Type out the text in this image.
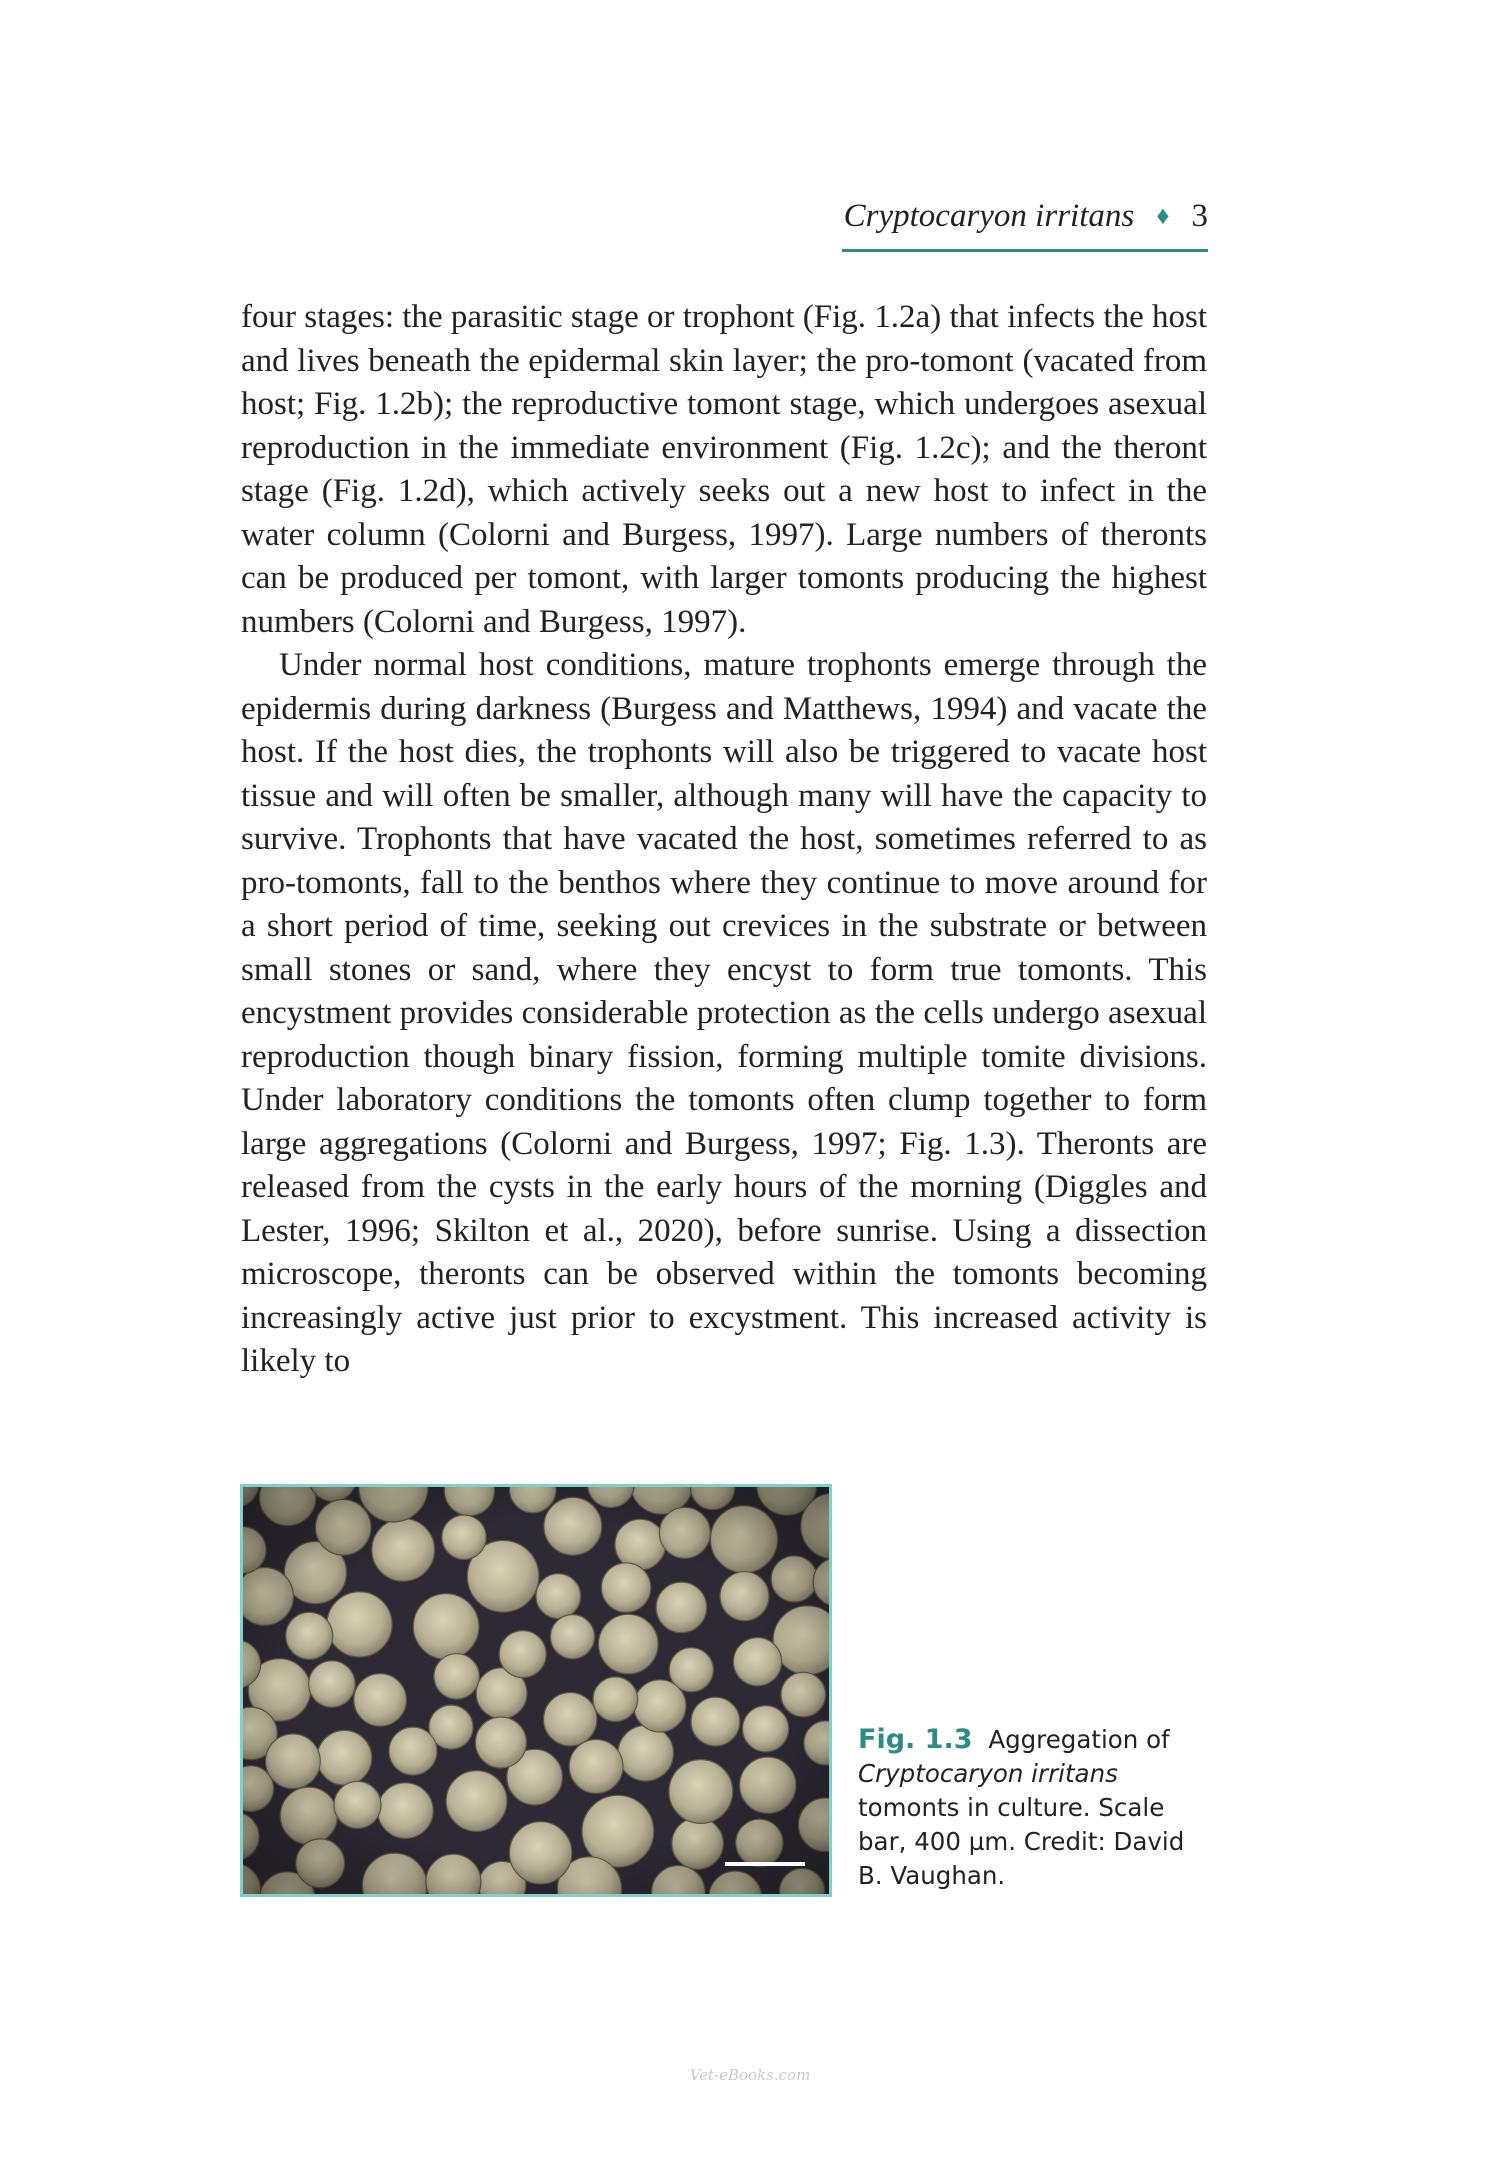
Cryptocaryon irritans ♦ 3

four stages: the parasitic stage or trophont (Fig. 1.2a) that infects the host and lives beneath the epidermal skin layer; the pro-tomont (vacated from host; Fig. 1.2b); the reproductive tomont stage, which undergoes asexual reproduction in the immediate environment (Fig. 1.2c); and the theront stage (Fig. 1.2d), which actively seeks out a new host to infect in the water column (Colorni and Burgess, 1997). Large numbers of theronts can be produced per tomont, with larger tomonts producing the highest numbers (Colorni and Burgess, 1997).

Under normal host conditions, mature trophonts emerge through the epidermis during darkness (Burgess and Matthews, 1994) and vacate the host. If the host dies, the trophonts will also be triggered to vacate host tissue and will often be smaller, although many will have the capacity to survive. Trophonts that have vacated the host, sometimes referred to as pro-tomonts, fall to the benthos where they continue to move around for a short period of time, seeking out crevices in the substrate or between small stones or sand, where they encyst to form true tomonts. This encystment provides considerable protection as the cells undergo asexual reproduction though binary fission, forming multiple tomite divisions. Under laboratory conditions the tomonts often clump together to form large aggregations (Colorni and Burgess, 1997; Fig. 1.3). Theronts are released from the cysts in the early hours of the morning (Diggles and Lester, 1996; Skilton et al., 2020), before sunrise. Using a dissection microscope, theronts can be observed within the tomonts becoming increasingly active just prior to excystment. This increased activity is likely to

Fig. 1.3 Aggregation of Cryptocaryon irritans tomonts in culture. Scale bar, 400 µm. Credit: David B. Vaughan.
Vet-eBooks.com
